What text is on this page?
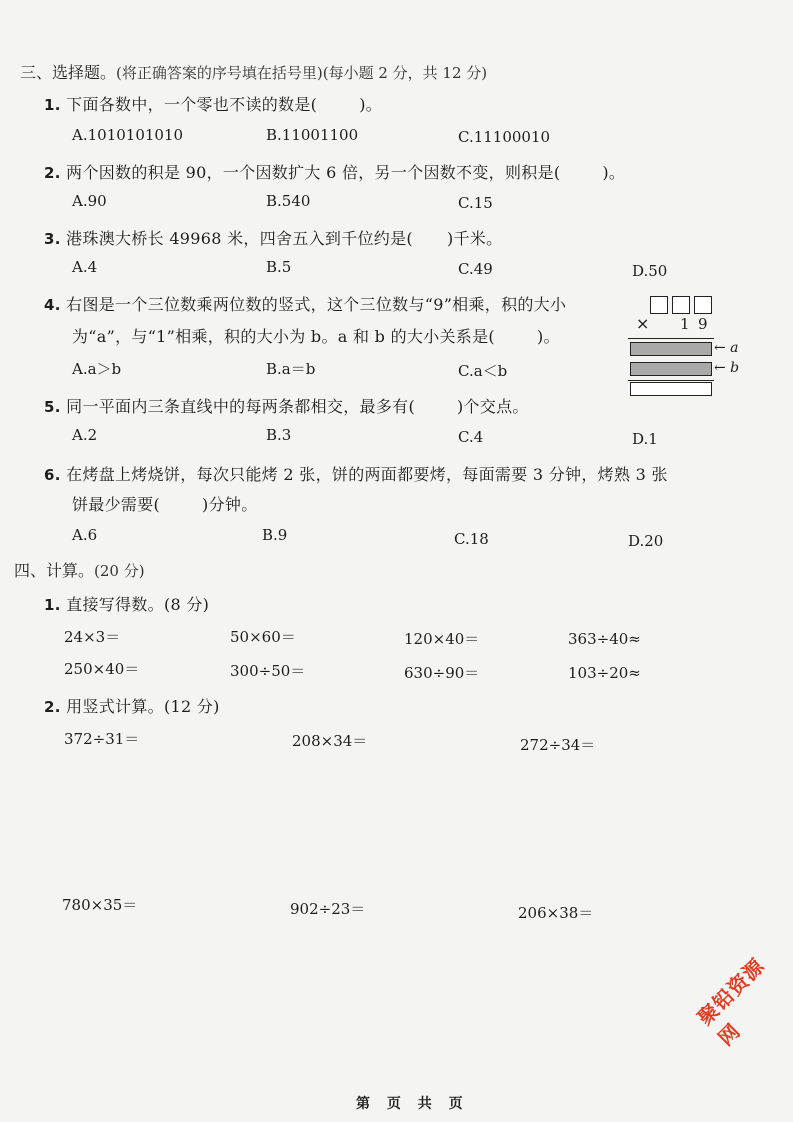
三、选择题。(将正确答案的序号填在括号里)(每小题 2 分，共 12 分)
1. 下面各数中，一个零也不读的数是(	)。
A.1010101010	B.11001100	C.11100010
2. 两个因数的积是 90，一个因数扩大 6 倍，另一个因数不变，则积是(	)。
A.90	B.540	C.15
3. 港珠澳大桥长 49968 米，四舍五入到千位约是( )千米。
A.4	B.5	C.49	D.50
4. 右图是一个三位数乘两位数的竖式，这个三位数与“9”相乘，积的大小
为“a”，与“1”相乘，积的大小为 b。a 和 b 的大小关系是(	)。
A.a＞b	B.a＝b	C.a＜b
× 1 9
← a
← b
5. 同一平面内三条直线中的每两条都相交，最多有(	)个交点。
A.2	B.3	C.4	D.1
6. 在烤盘上烤烧饼，每次只能烤 2 张，饼的两面都要烤，每面需要 3 分钟，烤熟 3 张
饼最少需要(	)分钟。
A.6	B.9	C.18	D.20
四、计算。(20 分)
1. 直接写得数。(8 分)
24×3＝	50×60＝	120×40＝	363÷40≈
250×40＝	300÷50＝	630÷90＝	103÷20≈
2. 用竖式计算。(12 分)
372÷31＝	208×34＝	272÷34＝
780×35＝	902÷23＝	206×38＝
聚铅资源网
第 页 共 页
